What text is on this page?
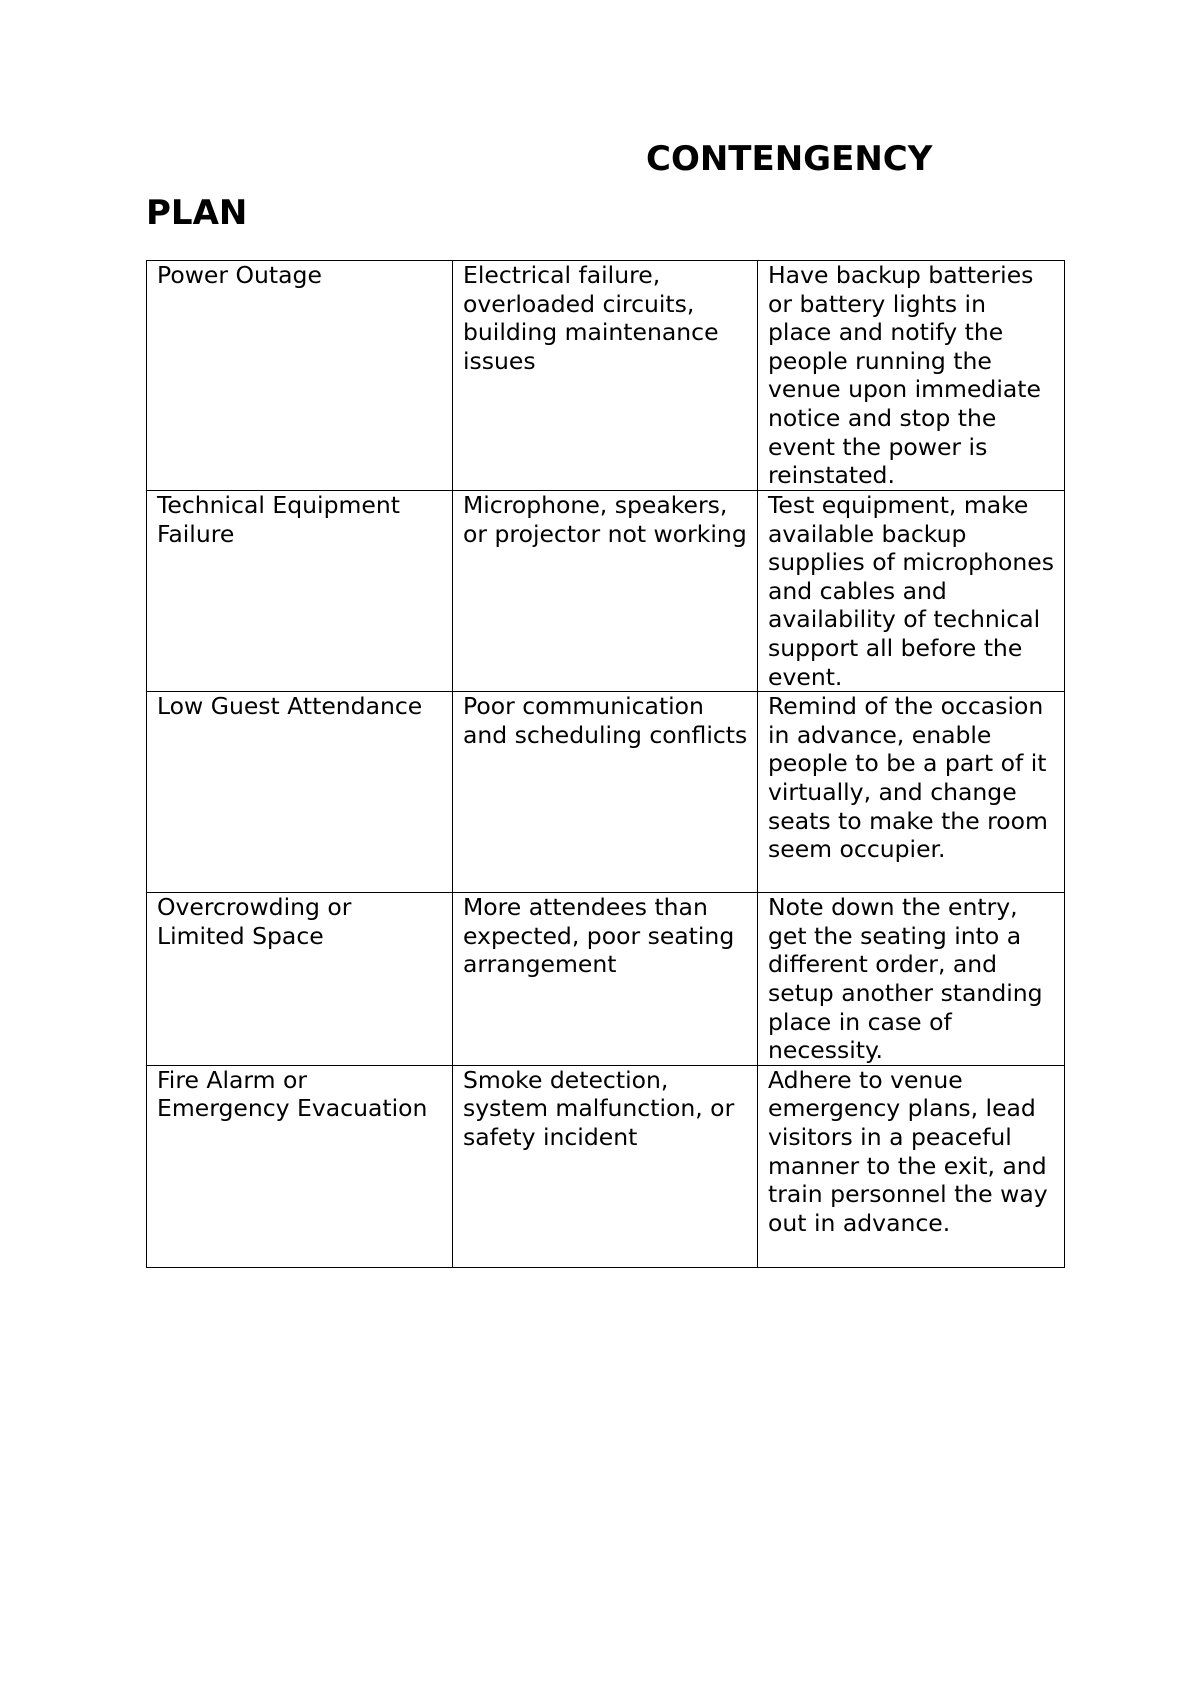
CONTENGENCY
PLAN
Power Outage	Electrical failure, overloaded circuits, building maintenance issues	Have backup batteries or battery lights in place and notify the people running the venue upon immediate notice and stop the event the power is reinstated.
Technical Equipment Failure	Microphone, speakers, or projector not working	Test equipment, make available backup supplies of microphones and cables and availability of technical support all before the event.
Low Guest Attendance	Poor communication and scheduling conflicts	Remind of the occasion in advance, enable people to be a part of it virtually, and change seats to make the room seem occupier.
Overcrowding or Limited Space	More attendees than expected, poor seating arrangement	Note down the entry, get the seating into a different order, and setup another standing place in case of necessity.
Fire Alarm or Emergency Evacuation	Smoke detection, system malfunction, or safety incident	Adhere to venue emergency plans, lead visitors in a peaceful manner to the exit, and train personnel the way out in advance.
